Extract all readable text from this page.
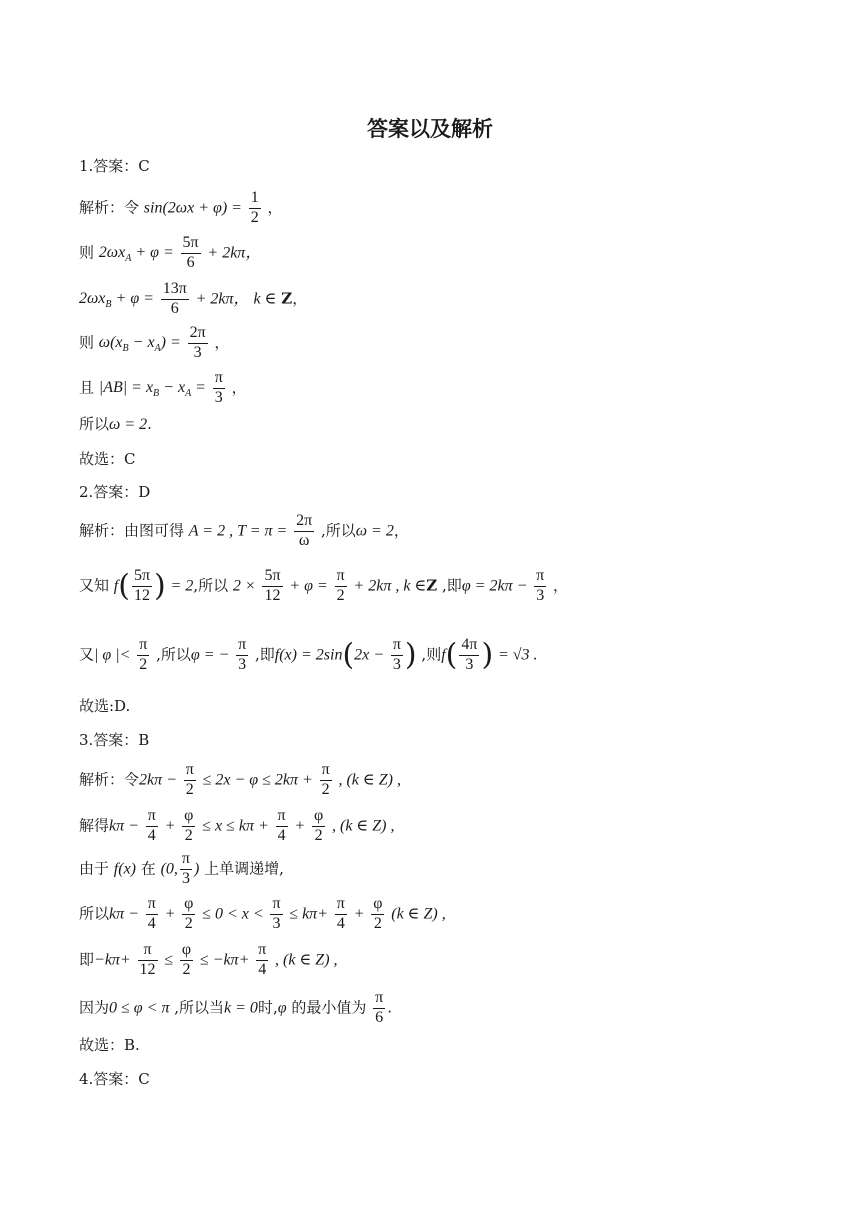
答案以及解析
1.答案：C
解析：令 $\sin(2\omega x + \varphi) = \frac{1}{2}$ ，
则 $2\omega x_A + \varphi = \frac{5\pi}{6} + 2k\pi$，
$2\omega x_B + \varphi = \frac{13\pi}{6} + 2k\pi$， k ∈ Z，
则 $\omega(x_B - x_A) = \frac{2\pi}{3}$ ，
且 $|AB| = x_B - x_A = \frac{\pi}{3}$ ，
所以ω = 2.
故选：C
2.答案：D
解析：由图可得 A = 2 , $T = \pi = \frac{2\pi}{\omega}$ ,所以ω = 2，
又知 $f( \frac{5\pi}{12}$ ) = 2,所以 $2 \times \frac{5\pi}{12} + \varphi = \frac{\pi}{2} + 2k\pi$ , k ∈Z ,即$\varphi = 2k\pi - \frac{\pi}{3}$ ，
又| φ |< $\frac{\pi}{2}$ ,所以φ = − $\frac{\pi}{3}$ ,即$f(x) = 2\sin(2x - \frac{\pi}{3}$ ) ,则$f( \frac{4\pi}{3}$ ) = √3 .
故选:D.
3.答案：B
解析：令$2k\pi - \frac{\pi}{2} \le 2x - \varphi \le 2k\pi + \frac{\pi}{2}$ , (k ∈ Z) ,
解得$k\pi - \frac{\pi}{4} + \frac{\varphi}{2} \le x \le k\pi + \frac{\pi}{4} + \frac{\varphi}{2}$ , (k ∈ Z) ,
由于 f(x) 在 (0, $\frac{\pi}{3}$ ) 上单调递增,
所以$k\pi - \frac{\pi}{4} + \frac{\varphi}{2} \le 0 < x < \frac{\pi}{3} \le k\pi+ \frac{\pi}{4} + \frac{\varphi}{2} (k$ ∈ Z) ,
即$-k\pi+ \frac{\pi}{12} \le \frac{\varphi}{2} \le -k\pi+ \frac{\pi}{4}$ , (k ∈ Z) ,
因为0 ≤ φ < π ,所以当k = 0时,φ 的最小值为 $\frac{\pi}{6}$ .
故选：B.
4.答案：C
